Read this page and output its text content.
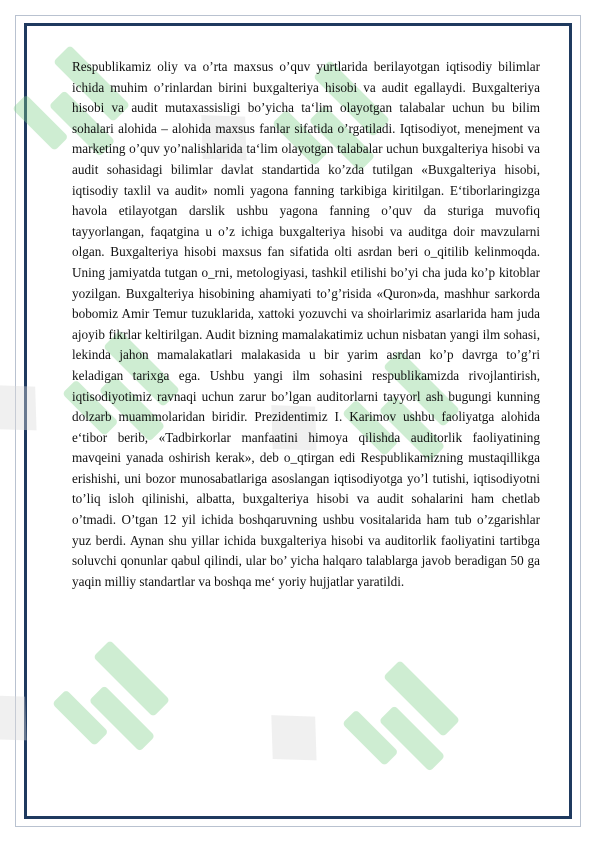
Respublikamiz oliy va o’rta maxsus o’quv yurtlarida berilayotgan iqtisodiy bilimlar ichida muhim o’rinlardan birini buxgalteriya hisobi va audit egallaydi. Buxgalteriya hisobi va audit mutaxassisligi bo’yicha ta‘lim olayotgan talabalar uchun bu bilim sohalari alohida – alohida maxsus fanlar sifatida o’rgatiladi. Iqtisodiyot, menejment va marketing o’quv yo’nalishlarida ta‘lim olayotgan talabalar uchun buxgalteriya hisobi va audit sohasidagi bilimlar davlat standartida ko’zda tutilgan «Buxgalteriya hisobi, iqtisodiy taxlil va audit» nomli yagona fanning tarkibiga kiritilgan. E‘tiborlaringizga havola etilayotgan darslik ushbu yagona fanning o’quv da sturiga muvofiq tayyorlangan, faqatgina u o’z ichiga buxgalteriya hisobi va auditga doir mavzularni olgan. Buxgalteriya hisobi maxsus fan sifatida olti asrdan beri o_qitilib kelinmoqda. Uning jamiyatda tutgan o_rni, metologiyasi, tashkil etilishi bo’yi cha juda ko’p kitoblar yozilgan. Buxgalteriya hisobining ahamiyati to’g’risida «Quron»da, mashhur sarkorda bobomiz Amir Temur tuzuklarida, xattoki yozuvchi va shoirlarimiz asarlarida ham juda ajoyib fikrlar keltirilgan. Audit bizning mamalakatimiz uchun nisbatan yangi ilm sohasi, lekinda jahon mamalakatlari malakasida u bir yarim asrdan ko’p davrga to’g’ri keladigan tarixga ega. Ushbu yangi ilm sohasini respublikamizda rivojlantirish, iqtisodiyotimiz ravnaqi uchun zarur bo’lgan auditorlarni tayyorl ash bugungi kunning dolzarb muammolaridan biridir. Prezidentimiz I. Karimov ushbu faoliyatga alohida e‘tibor berib, «Tadbirkorlar manfaatini himoya qilishda auditorlik faoliyatining mavqeini yanada oshirish kerak», deb o_qtirgan edi Respublikamizning mustaqillikga erishishi, uni bozor munosabatlariga asoslangan iqtisodiyotga yo’l tutishi, iqtisodiyotni to’liq isloh qilinishi, albatta, buxgalteriya hisobi va audit sohalarini ham chetlab o’tmadi. O’tgan 12 yil ichida boshqaruvning ushbu vositalarida ham tub o’zgarishlar yuz berdi. Aynan shu yillar ichida buxgalteriya hisobi va auditorlik faoliyatini tartibga soluvchi qonunlar qabul qilindi, ular bo’ yicha halqaro talablarga javob beradigan 50 ga yaqin milliy standartlar va boshqa me‘ yoriy hujjatlar yaratildi.
